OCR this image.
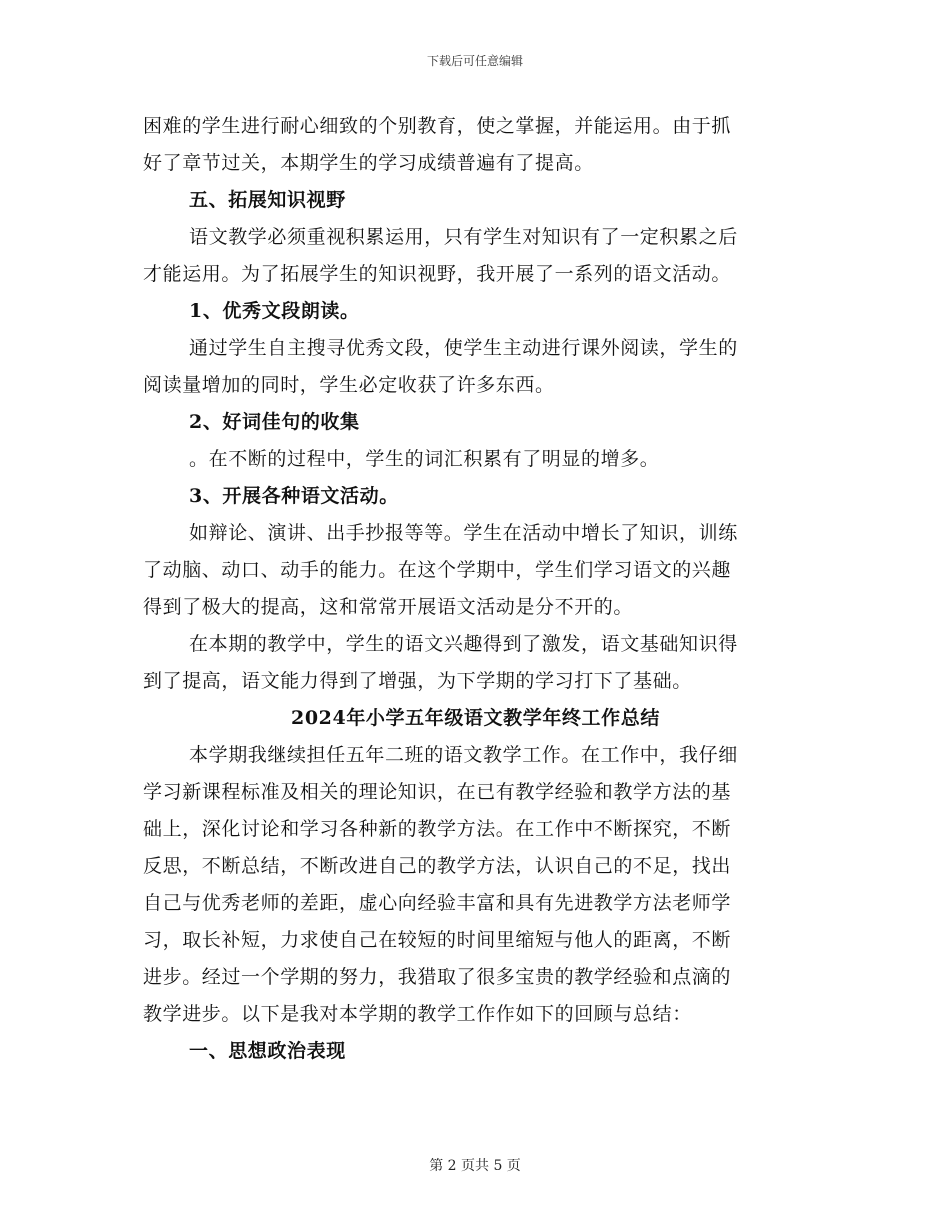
下载后可任意编辑
困难的学生进行耐心细致的个别教育，使之掌握，并能运用。由于抓
好了章节过关，本期学生的学习成绩普遍有了提高。
五、拓展知识视野
语文教学必须重视积累运用，只有学生对知识有了一定积累之后
才能运用。为了拓展学生的知识视野，我开展了一系列的语文活动。
1、优秀文段朗读。
通过学生自主搜寻优秀文段，使学生主动进行课外阅读，学生的
阅读量增加的同时，学生必定收获了许多东西。
2、好词佳句的收集
。在不断的过程中，学生的词汇积累有了明显的增多。
3、开展各种语文活动。
如辩论、演讲、出手抄报等等。学生在活动中增长了知识，训练
了动脑、动口、动手的能力。在这个学期中，学生们学习语文的兴趣
得到了极大的提高，这和常常开展语文活动是分不开的。
在本期的教学中，学生的语文兴趣得到了激发，语文基础知识得
到了提高，语文能力得到了增强，为下学期的学习打下了基础。
2024年小学五年级语文教学年终工作总结
本学期我继续担任五年二班的语文教学工作。在工作中，我仔细
学习新课程标准及相关的理论知识，在已有教学经验和教学方法的基
础上，深化讨论和学习各种新的教学方法。在工作中不断探究，不断
反思，不断总结，不断改进自己的教学方法，认识自己的不足，找出
自己与优秀老师的差距，虚心向经验丰富和具有先进教学方法老师学
习，取长补短，力求使自己在较短的时间里缩短与他人的距离，不断
进步。经过一个学期的努力，我猎取了很多宝贵的教学经验和点滴的
教学进步。以下是我对本学期的教学工作作如下的回顾与总结：
一、思想政治表现
第 2 页共 5 页
